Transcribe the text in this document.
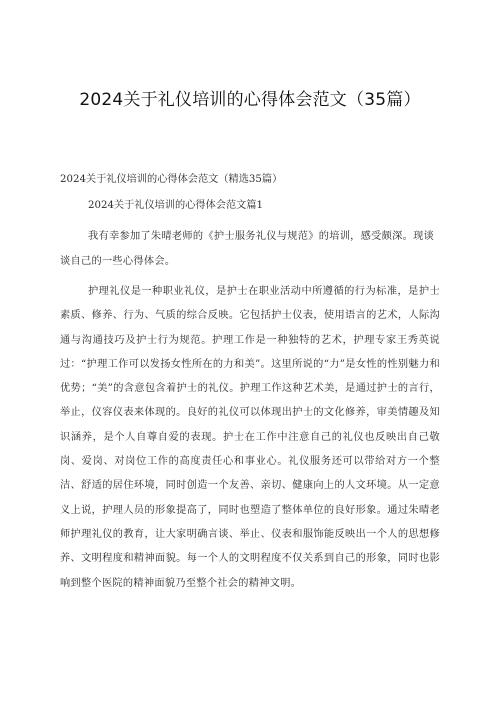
2024关于礼仪培训的心得体会范文（35篇）
2024关于礼仪培训的心得体会范文（精选35篇）
2024关于礼仪培训的心得体会范文篇1
我有幸参加了朱晴老师的《护士服务礼仪与规范》的培训，感受颇深。现谈谈自己的一些心得体会。
护理礼仪是一种职业礼仪，是护士在职业活动中所遵循的行为标准，是护士素质、修养、行为、气质的综合反映。它包括护士仪表，使用语言的艺术，人际沟通与沟通技巧及护士行为规范。护理工作是一种独特的艺术，护理专家王秀英说过：“护理工作可以发扬女性所在的力和美”。这里所说的“力”是女性的性别魅力和优势；“美”的含意包含着护士的礼仪。护理工作这种艺术美，是通过护士的言行，举止，仪容仪表来体现的。良好的礼仪可以体现出护士的文化修养，审美情趣及知识涵养，是个人自尊自爱的表现。护士在工作中注意自己的礼仪也反映出自己敬岗、爱岗、对岗位工作的高度责任心和事业心。礼仪服务还可以带给对方一个整洁、舒适的居住环境，同时创造一个友善、亲切、健康向上的人文环境。从一定意义上说，护理人员的形象提高了，同时也塑造了整体单位的良好形象。通过朱晴老师护理礼仪的教育，让大家明确言谈、举止、仪表和服饰能反映出一个人的思想修养、文明程度和精神面貌。每一个人的文明程度不仅关系到自己的形象，同时也影响到整个医院的精神面貌乃至整个社会的精神文明。
